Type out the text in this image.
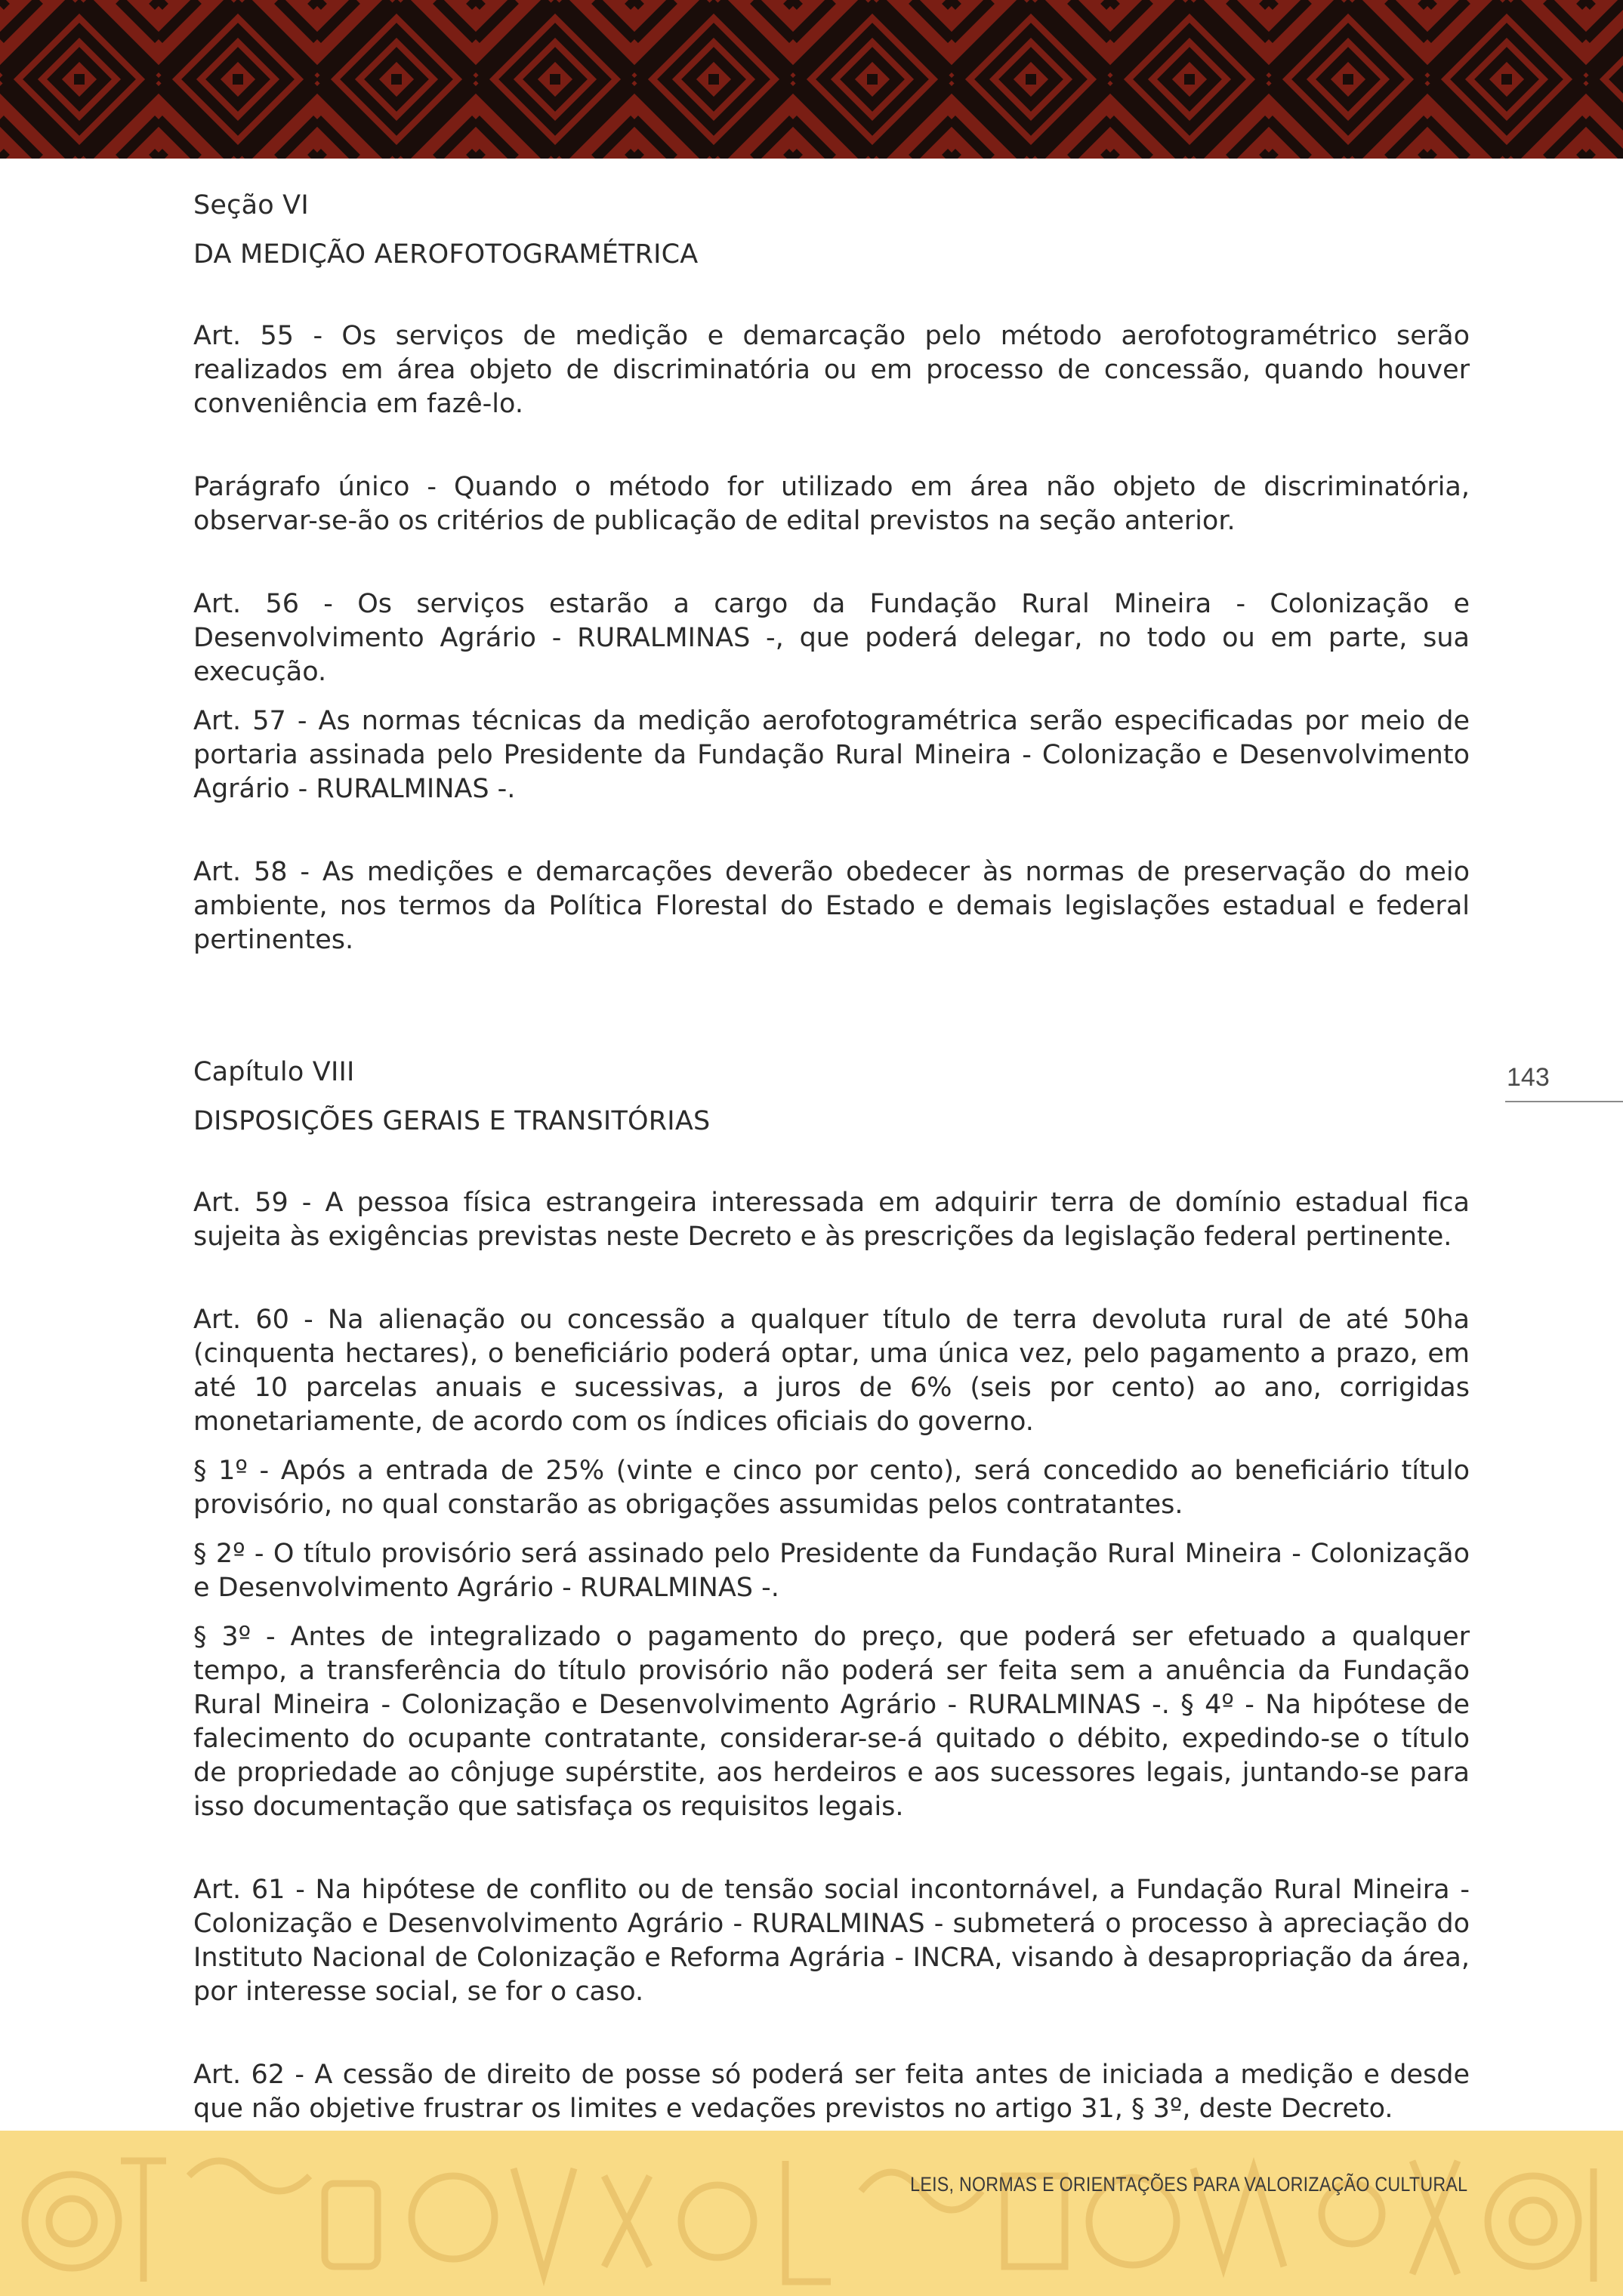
Seção VI

DA MEDIÇÃO AEROFOTOGRAMÉTRICA

Art. 55 - Os serviços de medição e demarcação pelo método aerofotogramétrico serão realizados em área objeto de discriminatória ou em processo de concessão, quando houver conveniência em fazê-lo.

Parágrafo único - Quando o método for utilizado em área não objeto de discriminatória, observar-se-ão os critérios de publicação de edital previstos na seção anterior.

Art. 56 - Os serviços estarão a cargo da Fundação Rural Mineira - Colonização e Desenvolvimento Agrário - RURALMINAS -, que poderá delegar, no todo ou em parte, sua execução.

Art. 57 - As normas técnicas da medição aerofotogramétrica serão especificadas por meio de portaria assinada pelo Presidente da Fundação Rural Mineira - Colonização e Desenvolvimento Agrário - RURALMINAS -.

Art. 58 - As medições e demarcações deverão obedecer às normas de preservação do meio ambiente, nos termos da Política Florestal do Estado e demais legislações estadual e federal pertinentes.

Capítulo VIII

DISPOSIÇÕES GERAIS E TRANSITÓRIAS

Art. 59 - A pessoa física estrangeira interessada em adquirir terra de domínio estadual fica sujeita às exigências previstas neste Decreto e às prescrições da legislação federal pertinente.

Art. 60 - Na alienação ou concessão a qualquer título de terra devoluta rural de até 50ha (cinquenta hectares), o beneficiário poderá optar, uma única vez, pelo pagamento a prazo, em até 10 parcelas anuais e sucessivas, a juros de 6% (seis por cento) ao ano, corrigidas monetariamente, de acordo com os índices oficiais do governo.

§ 1º - Após a entrada de 25% (vinte e cinco por cento), será concedido ao beneficiário título provisório, no qual constarão as obrigações assumidas pelos contratantes.

§ 2º - O título provisório será assinado pelo Presidente da Fundação Rural Mineira - Colonização e Desenvolvimento Agrário - RURALMINAS -.

§ 3º - Antes de integralizado o pagamento do preço, que poderá ser efetuado a qualquer tempo, a transferência do título provisório não poderá ser feita sem a anuência da Fundação Rural Mineira - Colonização e Desenvolvimento Agrário - RURALMINAS -. § 4º - Na hipótese de falecimento do ocupante contratante, considerar-se-á quitado o débito, expedindo-se o título de propriedade ao cônjuge supérstite, aos herdeiros e aos sucessores legais, juntando-se para isso documentação que satisfaça os requisitos legais.

Art. 61 - Na hipótese de conflito ou de tensão social incontornável, a Fundação Rural Mineira - Colonização e Desenvolvimento Agrário - RURALMINAS - submeterá o processo à apreciação do Instituto Nacional de Colonização e Reforma Agrária - INCRA, visando à desapropriação da área, por interesse social, se for o caso.

Art. 62 - A cessão de direito de posse só poderá ser feita antes de iniciada a medição e desde que não objetive frustrar os limites e vedações previstos no artigo 31, § 3º, deste Decreto.

143
LEIS, NORMAS E ORIENTAÇÕES PARA VALORIZAÇÃO CULTURAL
